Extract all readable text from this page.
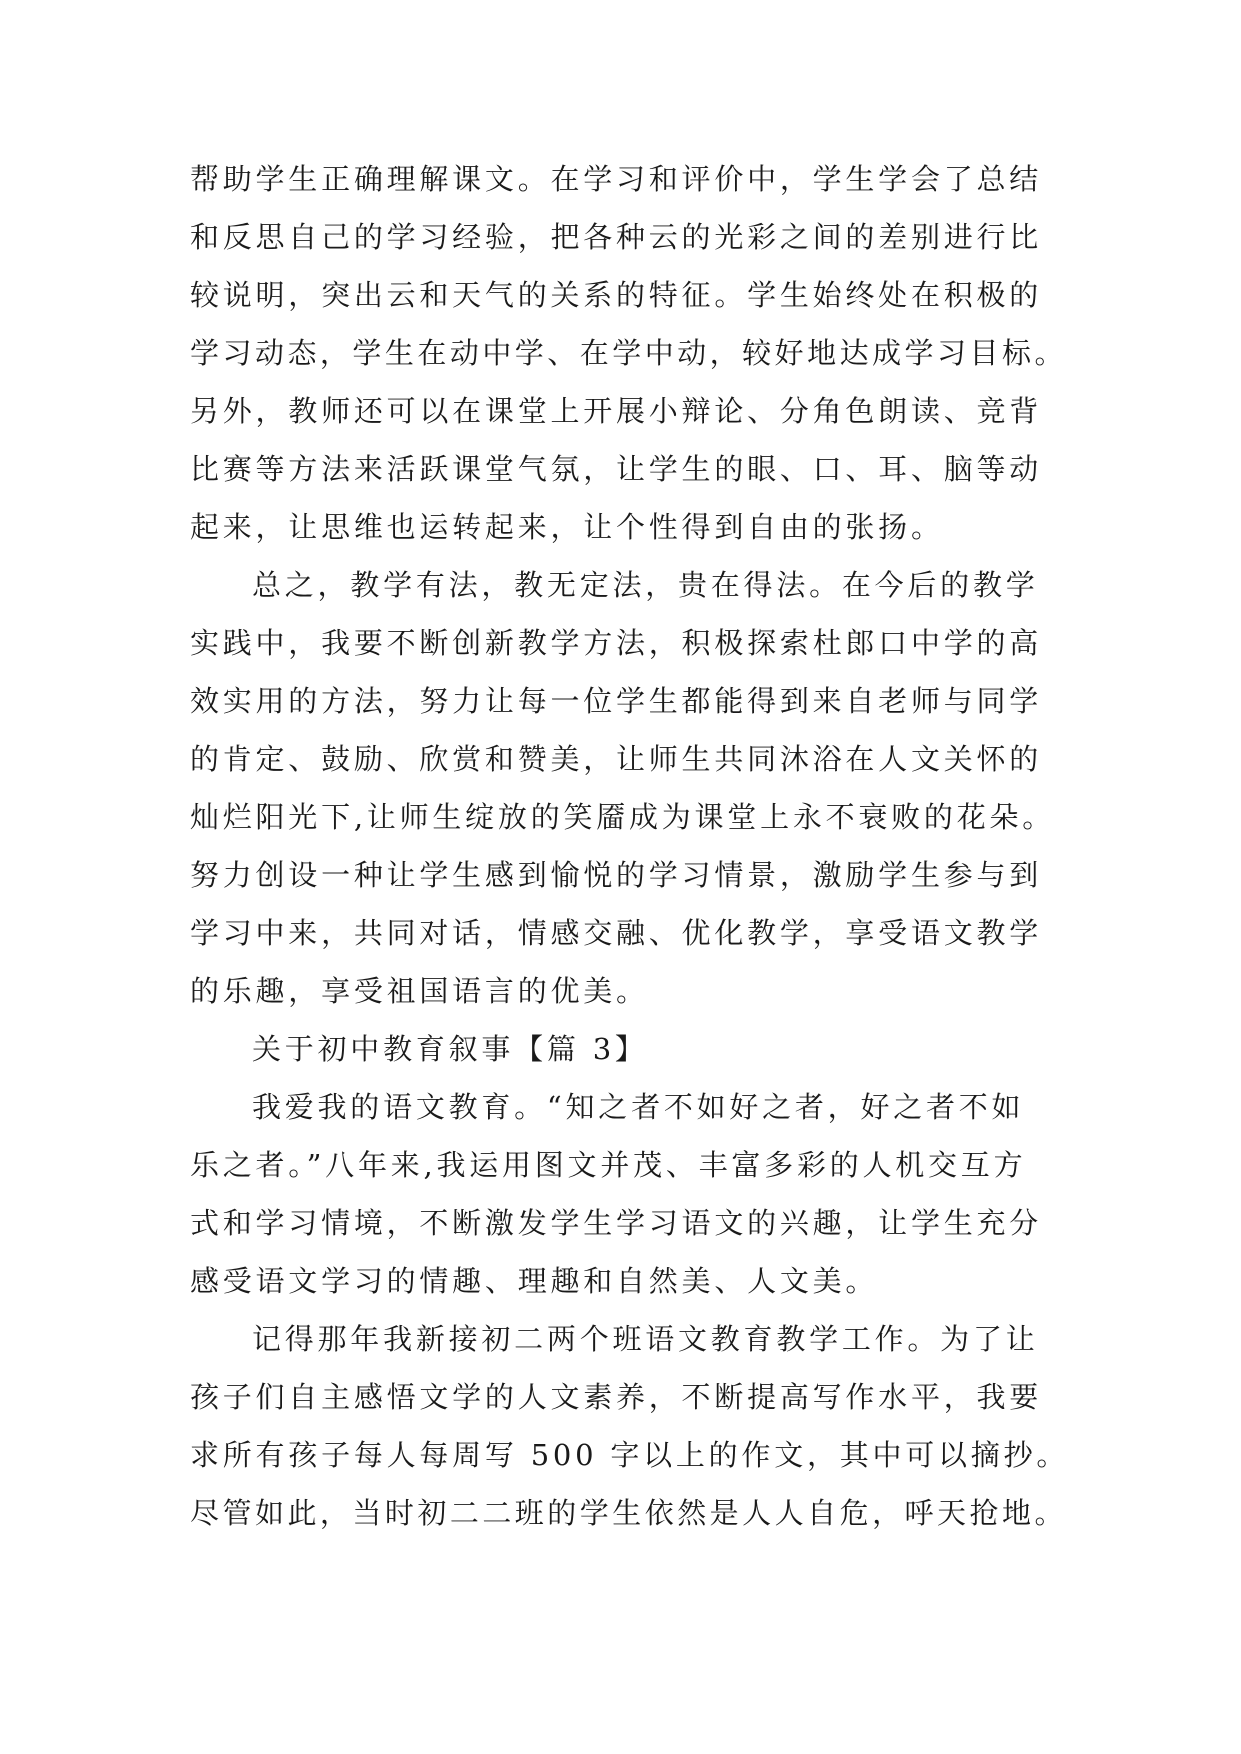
帮助学生正确理解课文。在学习和评价中，学生学会了总结
和反思自己的学习经验，把各种云的光彩之间的差别进行比
较说明，突出云和天气的关系的特征。学生始终处在积极的
学习动态，学生在动中学、在学中动，较好地达成学习目标。
另外，教师还可以在课堂上开展小辩论、分角色朗读、竞背
比赛等方法来活跃课堂气氛，让学生的眼、口、耳、脑等动
起来，让思维也运转起来，让个性得到自由的张扬。
总之，教学有法，教无定法，贵在得法。在今后的教学
实践中，我要不断创新教学方法，积极探索杜郎口中学的高
效实用的方法，努力让每一位学生都能得到来自老师与同学
的肯定、鼓励、欣赏和赞美，让师生共同沐浴在人文关怀的
灿烂阳光下,让师生绽放的笑靥成为课堂上永不衰败的花朵。
努力创设一种让学生感到愉悦的学习情景，激励学生参与到
学习中来，共同对话，情感交融、优化教学，享受语文教学
的乐趣，享受祖国语言的优美。
关于初中教育叙事【篇 3】
我爱我的语文教育。“知之者不如好之者，好之者不如
乐之者。”八年来,我运用图文并茂、丰富多彩的人机交互方
式和学习情境，不断激发学生学习语文的兴趣，让学生充分
感受语文学习的情趣、理趣和自然美、人文美。
记得那年我新接初二两个班语文教育教学工作。为了让
孩子们自主感悟文学的人文素养，不断提高写作水平，我要
求所有孩子每人每周写 500 字以上的作文，其中可以摘抄。
尽管如此，当时初二二班的学生依然是人人自危，呼天抢地。
